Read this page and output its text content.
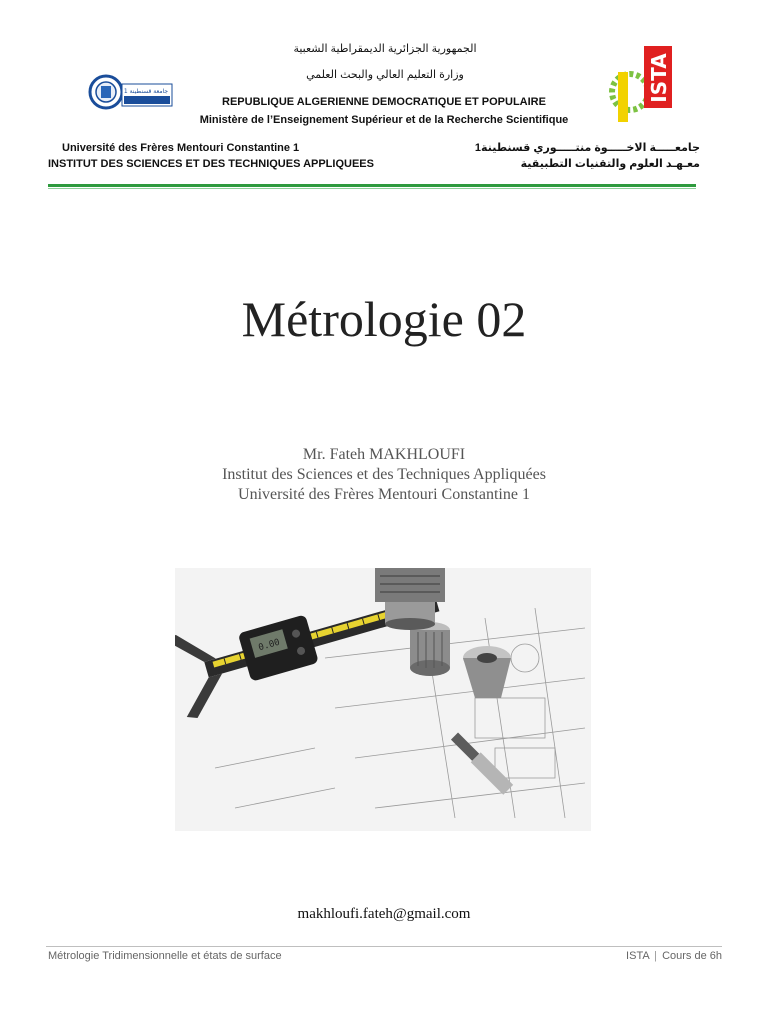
جامعة قسنطينة 1	ISTA
الجمهورية الجزائرية الديمقراطية الشعبية
وزارة التعليم العالي والبحث العلمي
REPUBLIQUE ALGERIENNE DEMOCRATIQUE ET POPULAIRE
Ministère de l’Enseignement Supérieur et de la Recherche Scientifique
Université des Frères Mentouri Constantine 1
INSTITUT DES SCIENCES ET DES TECHNIQUES APPLIQUEES
جامعـــــة الاخـــــوة منتـــــوري قسنطينة1
معـهـد العلوم والتقنيات التطبيقية
Métrologie 02
Mr. Fateh MAKHLOUFI
Institut des Sciences et des Techniques Appliquées
Université des Frères Mentouri Constantine 1
0.00
makhloufi.fateh@gmail.com
Métrologie Tridimensionnelle et états de surface	ISTA | Cours de 6h
